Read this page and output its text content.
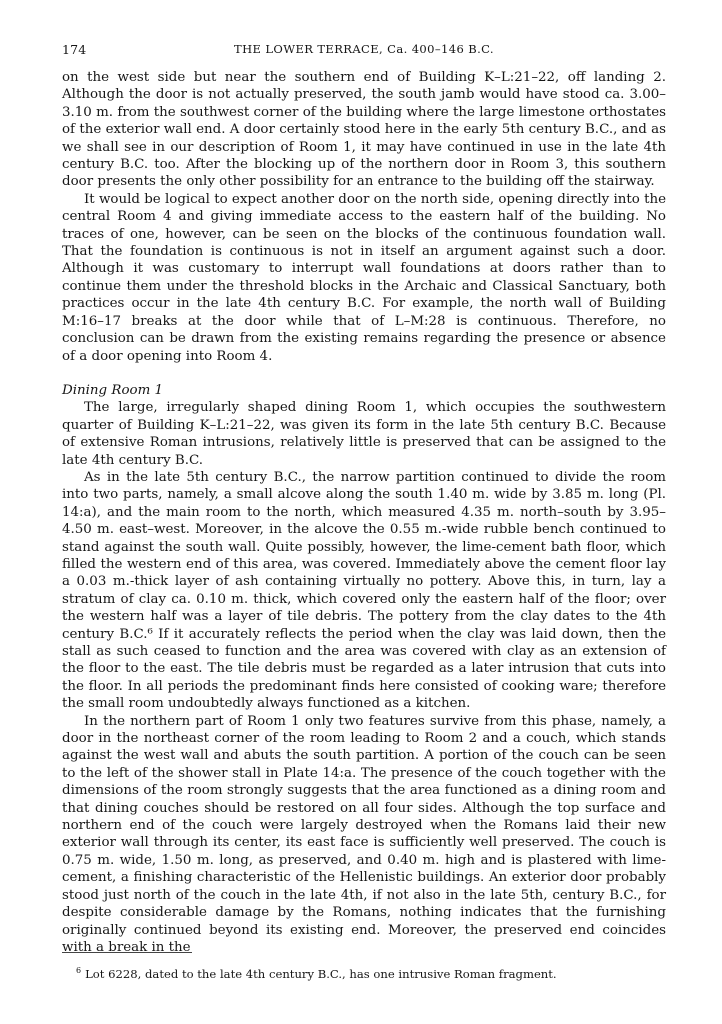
174	THE LOWER TERRACE, Ca. 400–146 B.C.

on the west side but near the southern end of Building K–L:21–22, off landing 2. Although the door is not actually preserved, the south jamb would have stood ca. 3.00–3.10 m. from the southwest corner of the building where the large limestone orthostates of the exterior wall end. A door certainly stood here in the early 5th century B.C., and as we shall see in our description of Room 1, it may have continued in use in the late 4th century B.C. too. After the blocking up of the northern door in Room 3, this southern door presents the only other possibility for an entrance to the building off the stairway.

It would be logical to expect another door on the north side, opening directly into the central Room 4 and giving immediate access to the eastern half of the building. No traces of one, however, can be seen on the blocks of the continuous foundation wall. That the foundation is continuous is not in itself an argument against such a door. Although it was customary to interrupt wall foundations at doors rather than to continue them under the threshold blocks in the Archaic and Classical Sanctuary, both practices occur in the late 4th century B.C. For example, the north wall of Building M:16–17 breaks at the door while that of L–M:28 is continuous. Therefore, no conclusion can be drawn from the existing remains regarding the presence or absence of a door opening into Room 4.

Dining Room 1

The large, irregularly shaped dining Room 1, which occupies the southwestern quarter of Building K–L:21–22, was given its form in the late 5th century B.C. Because of extensive Roman intrusions, relatively little is preserved that can be assigned to the late 4th century B.C.

As in the late 5th century B.C., the narrow partition continued to divide the room into two parts, namely, a small alcove along the south 1.40 m. wide by 3.85 m. long (Pl. 14:a), and the main room to the north, which measured 4.35 m. north–south by 3.95–4.50 m. east–west. Moreover, in the alcove the 0.55 m.-wide rubble bench continued to stand against the south wall. Quite possibly, however, the lime-cement bath floor, which filled the western end of this area, was covered. Immediately above the cement floor lay a 0.03 m.-thick layer of ash containing virtually no pottery. Above this, in turn, lay a stratum of clay ca. 0.10 m. thick, which covered only the eastern half of the floor; over the western half was a layer of tile debris. The pottery from the clay dates to the 4th century B.C.⁶ If it accurately reflects the period when the clay was laid down, then the stall as such ceased to function and the area was covered with clay as an extension of the floor to the east. The tile debris must be regarded as a later intrusion that cuts into the floor. In all periods the predominant finds here consisted of cooking ware; therefore the small room undoubtedly always functioned as a kitchen.

In the northern part of Room 1 only two features survive from this phase, namely, a door in the northeast corner of the room leading to Room 2 and a couch, which stands against the west wall and abuts the south partition. A portion of the couch can be seen to the left of the shower stall in Plate 14:a. The presence of the couch together with the dimensions of the room strongly suggests that the area functioned as a dining room and that dining couches should be restored on all four sides. Although the top surface and northern end of the couch were largely destroyed when the Romans laid their new exterior wall through its center, its east face is sufficiently well preserved. The couch is 0.75 m. wide, 1.50 m. long, as preserved, and 0.40 m. high and is plastered with lime-cement, a finishing characteristic of the Hellenistic buildings. An exterior door probably stood just north of the couch in the late 4th, if not also in the late 5th, century B.C., for despite considerable damage by the Romans, nothing indicates that the furnishing originally continued beyond its existing end. Moreover, the preserved end coincides with a break in the

$^6$ Lot 6228, dated to the late 4th century B.C., has one intrusive Roman fragment.
